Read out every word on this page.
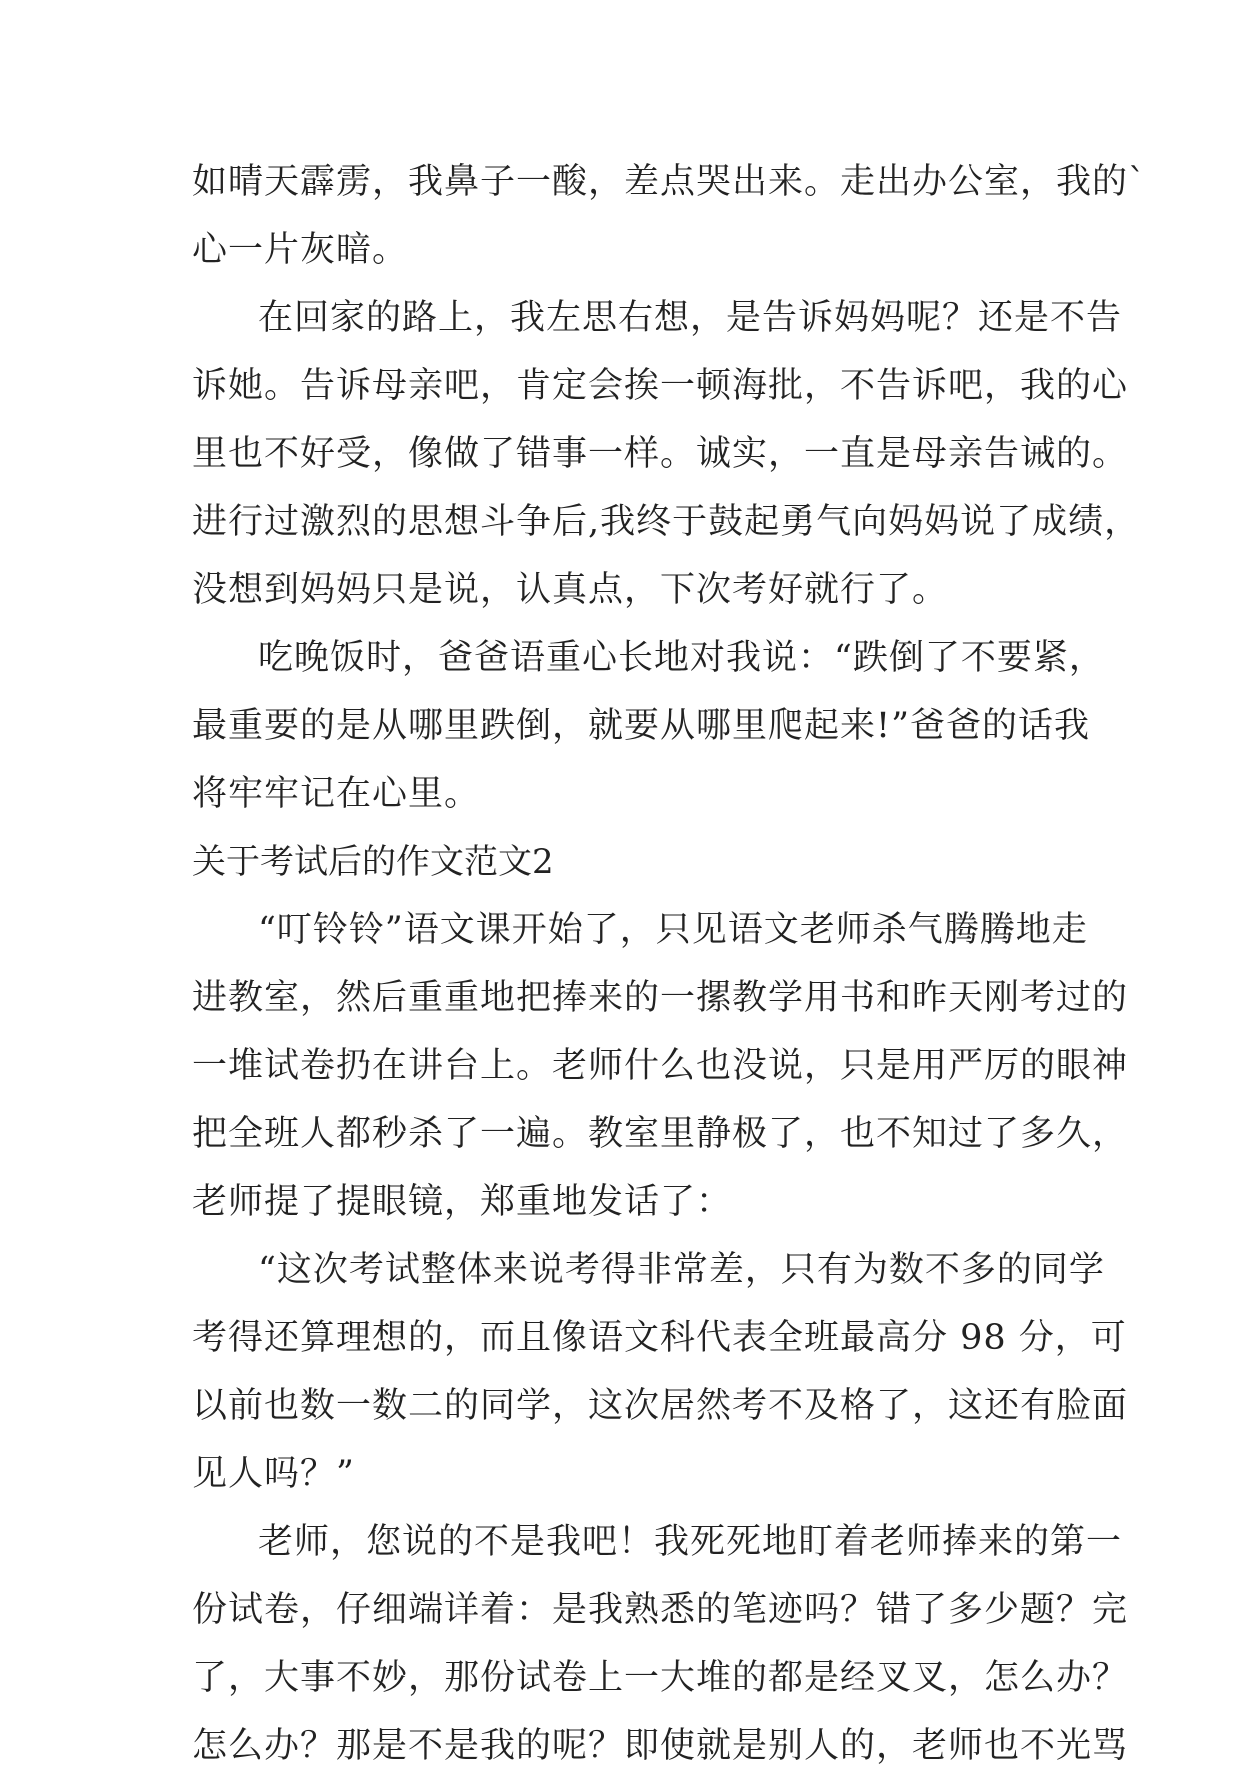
如晴天霹雳，我鼻子一酸，差点哭出来。走出办公室，我的`
心一片灰暗。
在回家的路上，我左思右想，是告诉妈妈呢？还是不告
诉她。告诉母亲吧，肯定会挨一顿海批，不告诉吧，我的心
里也不好受，像做了错事一样。诚实，一直是母亲告诫的。
进行过激烈的思想斗争后,我终于鼓起勇气向妈妈说了成绩，
没想到妈妈只是说，认真点，下次考好就行了。
吃晚饭时，爸爸语重心长地对我说：“跌倒了不要紧，
最重要的是从哪里跌倒，就要从哪里爬起来!”爸爸的话我
将牢牢记在心里。
关于考试后的作文范文2
“叮铃铃”语文课开始了，只见语文老师杀气腾腾地走
进教室，然后重重地把捧来的一摞教学用书和昨天刚考过的
一堆试卷扔在讲台上。老师什么也没说，只是用严厉的眼神
把全班人都秒杀了一遍。教室里静极了，也不知过了多久，
老师提了提眼镜，郑重地发话了：
“这次考试整体来说考得非常差，只有为数不多的同学
考得还算理想的，而且像语文科代表全班最高分 98 分，可
以前也数一数二的同学，这次居然考不及格了，这还有脸面
见人吗？”
老师，您说的不是我吧！我死死地盯着老师捧来的第一
份试卷，仔细端详着：是我熟悉的笔迹吗？错了多少题？完
了，大事不妙，那份试卷上一大堆的都是经叉叉，怎么办？
怎么办？那是不是我的呢？即使就是别人的，老师也不光骂
